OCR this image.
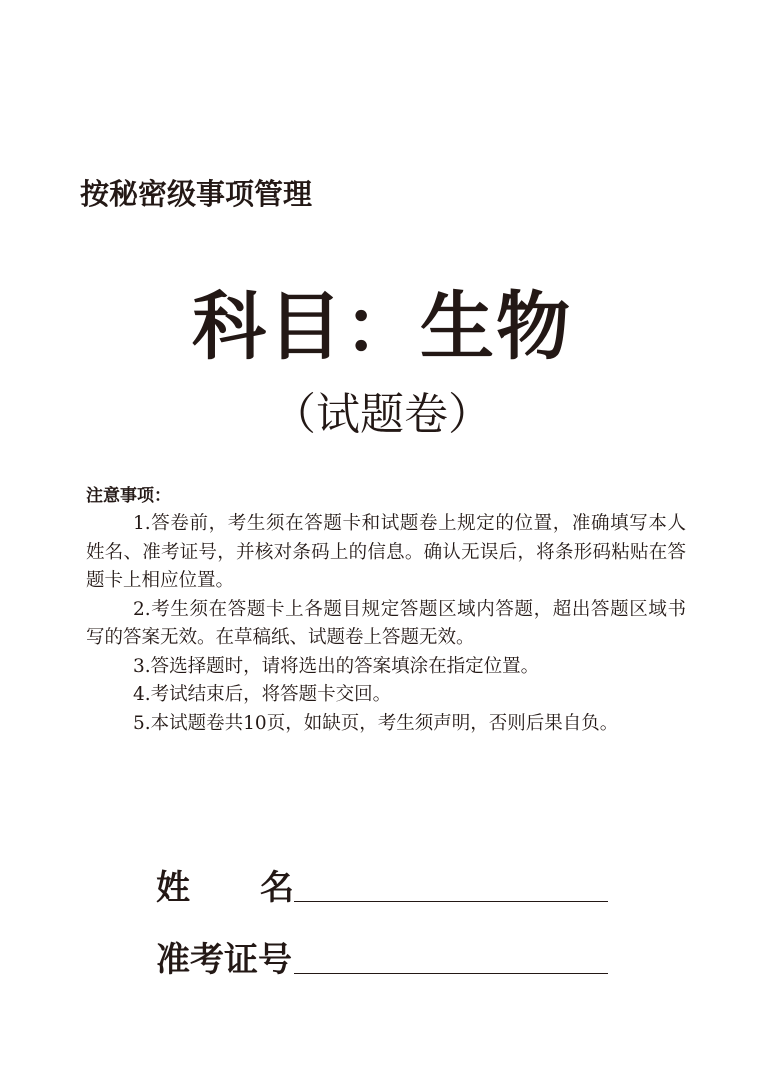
按秘密级事项管理
科目：生物
（试题卷）
注意事项：
1.答卷前，考生须在答题卡和试题卷上规定的位置，准确填写本人姓名、准考证号，并核对条码上的信息。确认无误后，将条形码粘贴在答题卡上相应位置。
2.考生须在答题卡上各题目规定答题区域内答题，超出答题区域书写的答案无效。在草稿纸、试题卷上答题无效。
3.答选择题时，请将选出的答案填涂在指定位置。
4.考试结束后，将答题卡交回。
5.本试题卷共10页，如缺页，考生须声明，否则后果自负。
姓 名
准考证号
